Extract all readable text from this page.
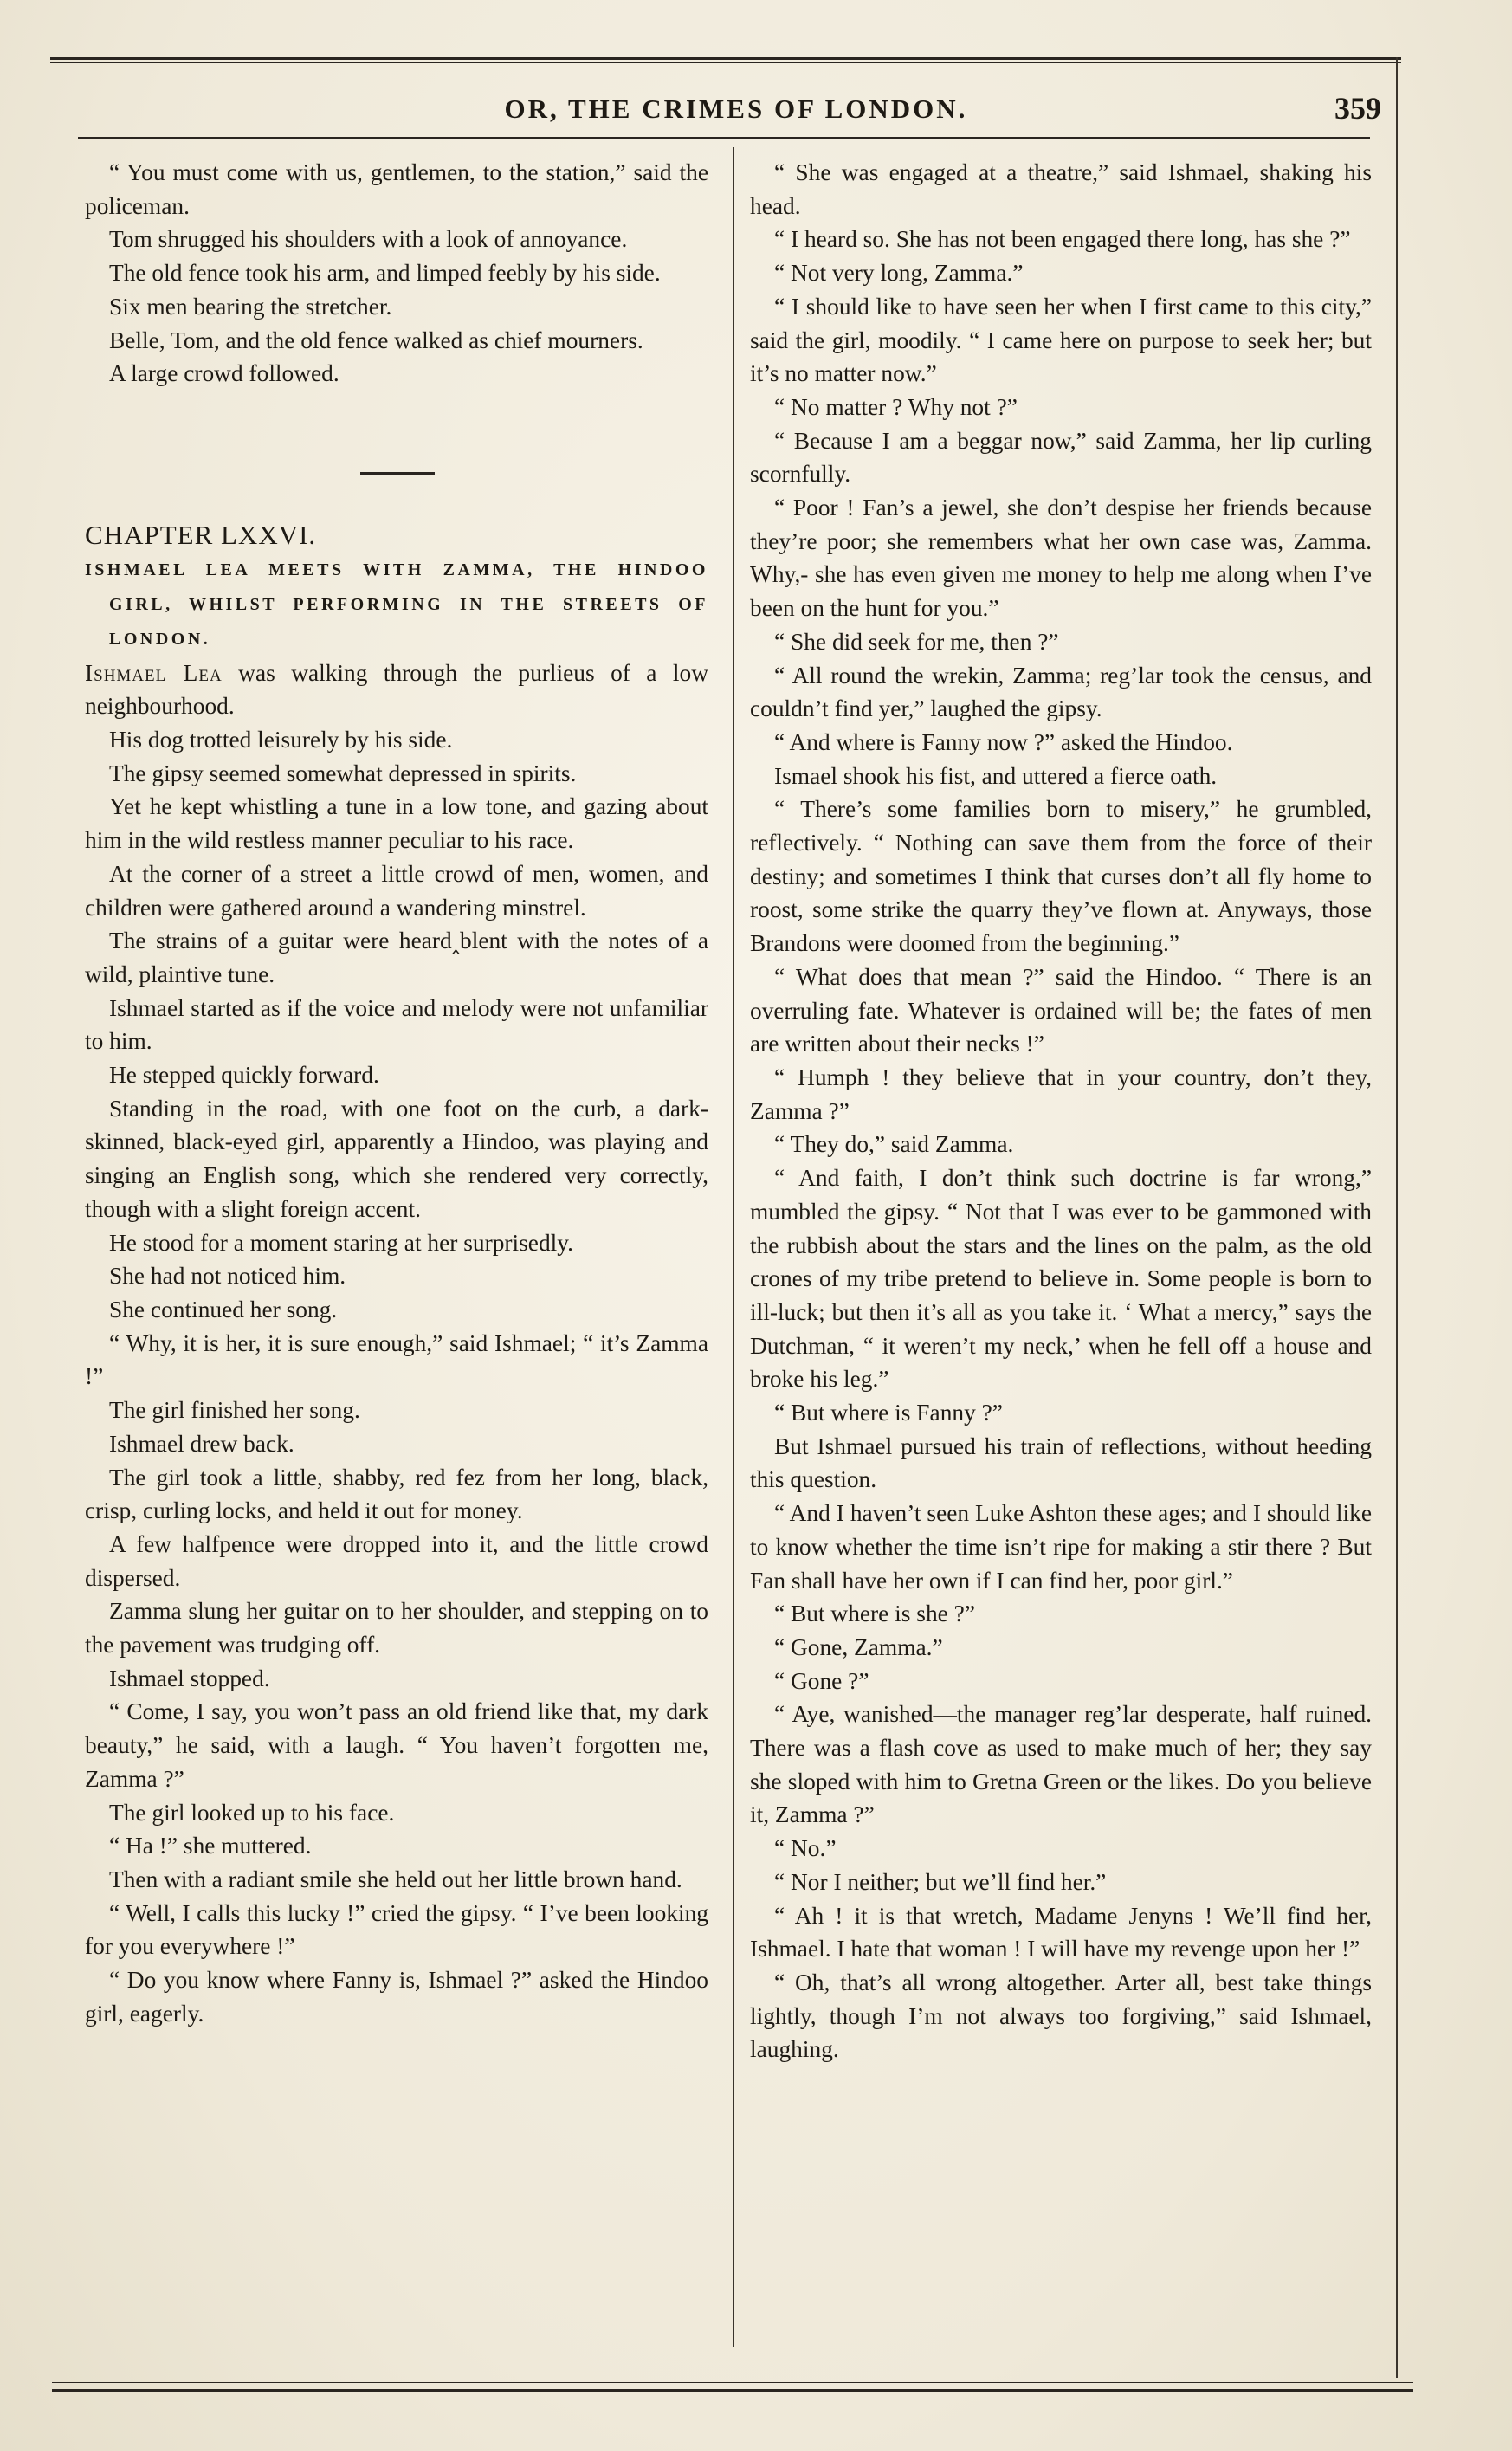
OR, THE CRIMES OF LONDON.	359

“ You must come with us, gentlemen, to the station,” said the policeman.

Tom shrugged his shoulders with a look of annoyance.

The old fence took his arm, and limped feebly by his side.

Six men bearing the stretcher.

Belle, Tom, and the old fence walked as chief mourners.

A large crowd followed.

CHAPTER LXXVI.

ISHMAEL LEA MEETS WITH ZAMMA, THE HINDOO GIRL, WHILST PERFORMING IN THE STREETS OF LONDON.

Ishmael Lea was walking through the purlieus of a low neighbourhood.

His dog trotted leisurely by his side.

The gipsy seemed somewhat depressed in spirits.

Yet he kept whistling a tune in a low tone, and gazing about him in the wild restless manner peculiar to his race.

At the corner of a street a little crowd of men, women, and children were gathered around a wandering minstrel.

The strains of a guitar were heard‸blent with the notes of a wild, plaintive tune.

Ishmael started as if the voice and melody were not unfamiliar to him.

He stepped quickly forward.

Standing in the road, with one foot on the curb, a dark-skinned, black-eyed girl, apparently a Hindoo, was playing and singing an English song, which she rendered very correctly, though with a slight foreign accent.

He stood for a moment staring at her surprisedly.

She had not noticed him.

She continued her song.

“ Why, it is her, it is sure enough,” said Ishmael; “ it’s Zamma !”

The girl finished her song.

Ishmael drew back.

The girl took a little, shabby, red fez from her long, black, crisp, curling locks, and held it out for money.

A few halfpence were dropped into it, and the little crowd dispersed.

Zamma slung her guitar on to her shoulder, and stepping on to the pavement was trudging off.

Ishmael stopped.

“ Come, I say, you won’t pass an old friend like that, my dark beauty,” he said, with a laugh. “ You haven’t forgotten me, Zamma ?”

The girl looked up to his face.

“ Ha !” she muttered.

Then with a radiant smile she held out her little brown hand.

“ Well, I calls this lucky !” cried the gipsy. “ I’ve been looking for you everywhere !”

“ Do you know where Fanny is, Ishmael ?” asked the Hindoo girl, eagerly.

“ She was engaged at a theatre,” said Ishmael, shaking his head.

“ I heard so. She has not been engaged there long, has she ?”

“ Not very long, Zamma.”

“ I should like to have seen her when I first came to this city,” said the girl, moodily. “ I came here on purpose to seek her; but it’s no matter now.”

“ No matter ? Why not ?”

“ Because I am a beggar now,” said Zamma, her lip curling scornfully.

“ Poor ! Fan’s a jewel, she don’t despise her friends because they’re poor; she remembers what her own case was, Zamma. Why,- she has even given me money to help me along when I’ve been on the hunt for you.”

“ She did seek for me, then ?”

“ All round the wrekin, Zamma; reg’lar took the census, and couldn’t find yer,” laughed the gipsy.

“ And where is Fanny now ?” asked the Hindoo.

Ismael shook his fist, and uttered a fierce oath.

“ There’s some families born to misery,” he grumbled, reflectively. “ Nothing can save them from the force of their destiny; and sometimes I think that curses don’t all fly home to roost, some strike the quarry they’ve flown at. Anyways, those Brandons were doomed from the beginning.”

“ What does that mean ?” said the Hindoo. “ There is an overruling fate. Whatever is ordained will be; the fates of men are written about their necks !”

“ Humph ! they believe that in your country, don’t they, Zamma ?”

“ They do,” said Zamma.

“ And faith, I don’t think such doctrine is far wrong,” mumbled the gipsy. “ Not that I was ever to be gammoned with the rubbish about the stars and the lines on the palm, as the old crones of my tribe pretend to believe in. Some people is born to ill-luck; but then it’s all as you take it. ‘ What a mercy,” says the Dutchman, “ it weren’t my neck,’ when he fell off a house and broke his leg.”

“ But where is Fanny ?”

But Ishmael pursued his train of reflections, without heeding this question.

“ And I haven’t seen Luke Ashton these ages; and I should like to know whether the time isn’t ripe for making a stir there ? But Fan shall have her own if I can find her, poor girl.”

“ But where is she ?”

“ Gone, Zamma.”

“ Gone ?”

“ Aye, wanished—the manager reg’lar desperate, half ruined. There was a flash cove as used to make much of her; they say she sloped with him to Gretna Green or the likes. Do you believe it, Zamma ?”

“ No.”

“ Nor I neither; but we’ll find her.”

“ Ah ! it is that wretch, Madame Jenyns ! We’ll find her, Ishmael. I hate that woman ! I will have my revenge upon her !”

“ Oh, that’s all wrong altogether. Arter all, best take things lightly, though I’m not always too forgiving,” said Ishmael, laughing.
